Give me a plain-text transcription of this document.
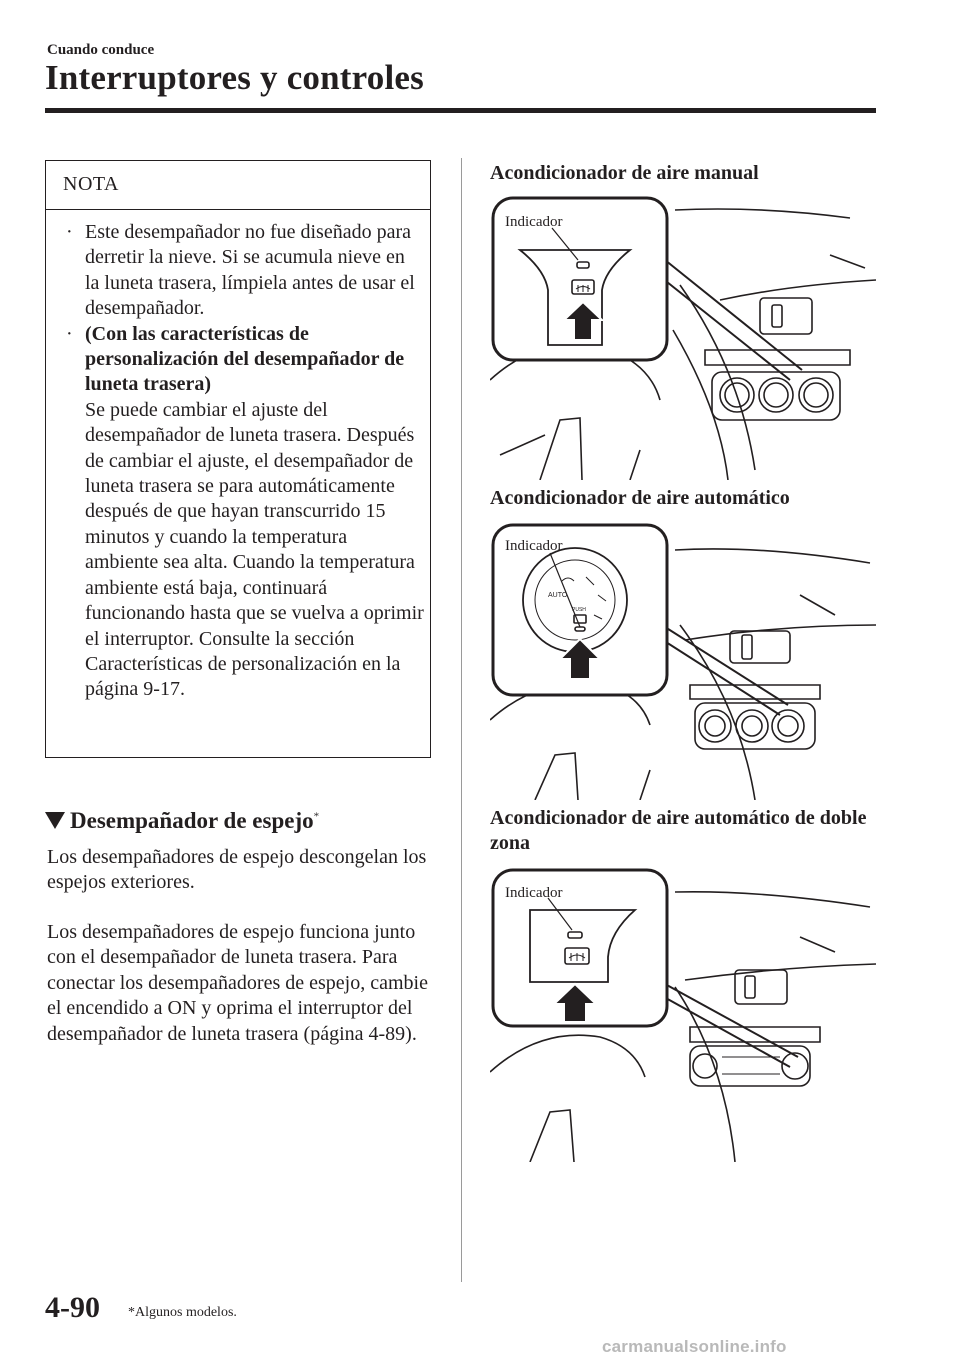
Cuando conduce
Interruptores y controles
NOTA
· Este desempañador no fue diseñado para derretir la nieve. Si se acumula nieve en la luneta trasera, límpiela antes de usar el desempañador.
· (Con las características de personalización del desempañador de luneta trasera)
Se puede cambiar el ajuste del desempañador de luneta trasera. Después de cambiar el ajuste, el desempañador de luneta trasera se para automáticamente después de que hayan transcurrido 15 minutos y cuando la temperatura ambiente sea alta. Cuando la temperatura ambiente está baja, continuará funcionando hasta que se vuelva a oprimir el interruptor. Consulte la sección Características de personalización en la página 9-17.
Desempañador de espejo*
Los desempañadores de espejo descongelan los espejos exteriores.
Los desempañadores de espejo funciona junto con el desempañador de luneta trasera. Para conectar los desempañadores de espejo, cambie el encendido a ON y oprima el interruptor del desempañador de luneta trasera (página 4-89).
Acondicionador de aire manual
Indicador
Acondicionador de aire automático
AUTO
PUSH
Indicador
Acondicionador de aire automático de doble zona
Indicador
4-90 *Algunos modelos.
carmanualsonline.info
